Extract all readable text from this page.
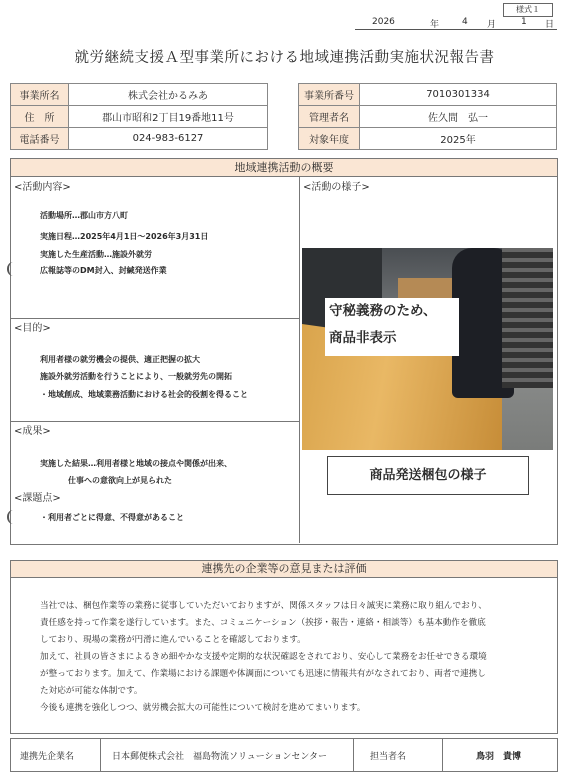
様式１
2026	年	4 月	1 日
就労継続支援Ａ型事業所における地域連携活動実施状況報告書
事業所名	株式会社かるみあ
住　所	郡山市昭和2丁目19番地11号
電話番号	024-983-6127
事業所番号	7010301334
管理者名	佐久間　弘一
対象年度	2025年
地域連携活動の概要
<活動内容>
活動場所…郡山市方八町
実施日程…2025年4月1日～2026年3月31日
実施した生産活動…施設外就労
広報誌等のDM封入、封緘発送作業
<目的>
利用者様の就労機会の提供、適正把握の拡大
施設外就労活動を行うことにより、一般就労先の開拓
・地域創成、地域業務活動における社会的役割を得ること
<成果>
実施した結果…利用者様と地域の接点や関係が出来、
仕事への意欲向上が見られた
<課題点>
・利用者ごとに得意、不得意があること
<活動の様子>
守秘義務のため、
商品非表示
商品発送梱包の様子
連携先の企業等の意見または評価
当社では、梱包作業等の業務に従事していただいておりますが、関係スタッフは日々誠実に業務に取り組んでおり、
責任感を持って作業を遂行しています。また、コミュニケーション（挨拶・報告・連絡・相談等）も基本動作を徹底
しており、現場の業務が円滑に進んでいることを確認しております。
加えて、社員の皆さまによるきめ細やかな支援や定期的な状況確認をされており、安心して業務をお任せできる環境
が整っております。加えて、作業場における課題や体調面についても迅速に情報共有がなされており、両者で連携し
た対応が可能な体制です。
今後も連携を強化しつつ、就労機会拡大の可能性について検討を進めてまいります。
連携先企業名	日本郵便株式会社　福島物流ソリューションセンター	担当者名	鳥羽　貴博
